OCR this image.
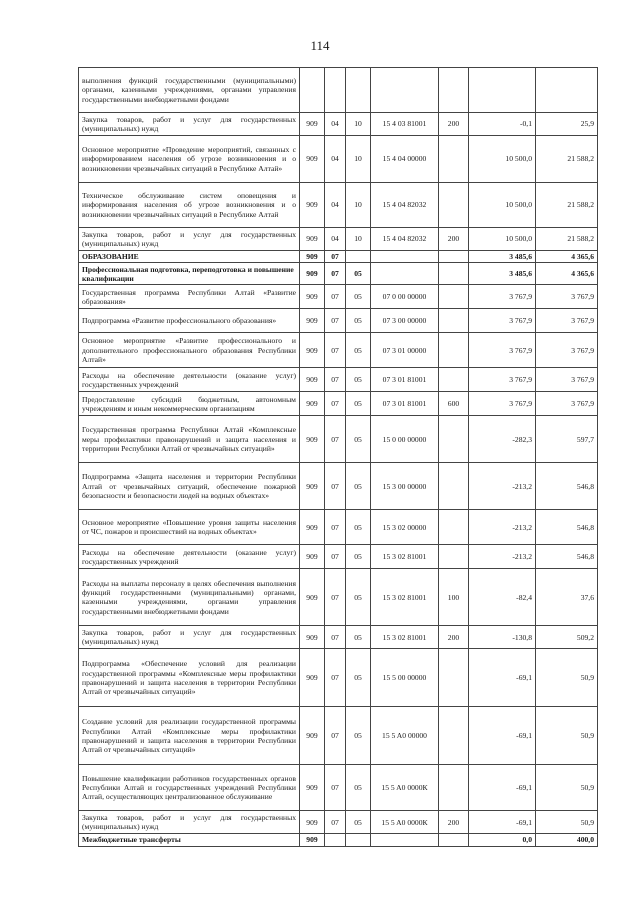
114
выполнения функций государственными (муниципальными) органами, казенными учреждениями, органами управления государственными внебюджетными фондами							
Закупка товаров, работ и услуг для государственных (муниципальных) нужд	909	04	10	15 4 03 81001	200	-0,1	25,9
Основное мероприятие «Проведение мероприятий, связанных с информированием населения об угрозе возникновения и о возникновении чрезвычайных ситуаций в Республике Алтай»	909	04	10	15 4 04 00000		10 500,0	21 588,2
Техническое обслуживание систем оповещения и информирования населения об угрозе возникновения и о возникновении чрезвычайных ситуаций в Республике Алтай	909	04	10	15 4 04 82032		10 500,0	21 588,2
Закупка товаров, работ и услуг для государственных (муниципальных) нужд	909	04	10	15 4 04 82032	200	10 500,0	21 588,2
ОБРАЗОВАНИЕ	909	07				3 485,6	4 365,6
Профессиональная подготовка, переподготовка и повышение квалификации	909	07	05			3 485,6	4 365,6
Государственная программа Республики Алтай «Развитие образования»	909	07	05	07 0 00 00000		3 767,9	3 767,9
Подпрограмма «Развитие профессионального образования»	909	07	05	07 3 00 00000		3 767,9	3 767,9
Основное мероприятие «Развитие профессионального и дополнительного профессионального образования Республики Алтай»	909	07	05	07 3 01 00000		3 767,9	3 767,9
Расходы на обеспечение деятельности (оказание услуг) государственных учреждений	909	07	05	07 3 01 81001		3 767,9	3 767,9
Предоставление субсидий бюджетным, автономным учреждениям и иным некоммерческим организациям	909	07	05	07 3 01 81001	600	3 767,9	3 767,9
Государственная программа Республики Алтай «Комплексные меры профилактики правонарушений и защита населения и территории Республики Алтай от чрезвычайных ситуаций»	909	07	05	15 0 00 00000		-282,3	597,7
Подпрограмма «Защита населения и территории Республики Алтай от чрезвычайных ситуаций, обеспечение пожарной безопасности и безопасности людей на водных объектах»	909	07	05	15 3 00 00000		-213,2	546,8
Основное мероприятие «Повышение уровня защиты населения от ЧС, пожаров и происшествий на водных объектах»	909	07	05	15 3 02 00000		-213,2	546,8
Расходы на обеспечение деятельности (оказание услуг) государственных учреждений	909	07	05	15 3 02 81001		-213,2	546,8
Расходы на выплаты персоналу в целях обеспечения выполнения функций государственными (муниципальными) органами, казенными учреждениями, органами управления государственными внебюджетными фондами	909	07	05	15 3 02 81001	100	-82,4	37,6
Закупка товаров, работ и услуг для государственных (муниципальных) нужд	909	07	05	15 3 02 81001	200	-130,8	509,2
Подпрограмма «Обеспечение условий для реализации государственной программы «Комплексные меры профилактики правонарушений и защита населения в территории Республики Алтай от чрезвычайных ситуаций»	909	07	05	15 5 00 00000		-69,1	50,9
Создание условий для реализации государственной программы Республики Алтай «Комплексные меры профилактики правонарушений и защита населения в территории Республики Алтай от чрезвычайных ситуаций»	909	07	05	15 5 A0 00000		-69,1	50,9
Повышение квалификации работников государственных органов Республики Алтай и государственных учреждений Республики Алтай, осуществляющих централизованное обслуживание	909	07	05	15 5 A0 0000К		-69,1	50,9
Закупка товаров, работ и услуг для государственных (муниципальных) нужд	909	07	05	15 5 A0 0000К	200	-69,1	50,9
Межбюджетные трансферты	909					0,0	400,0
